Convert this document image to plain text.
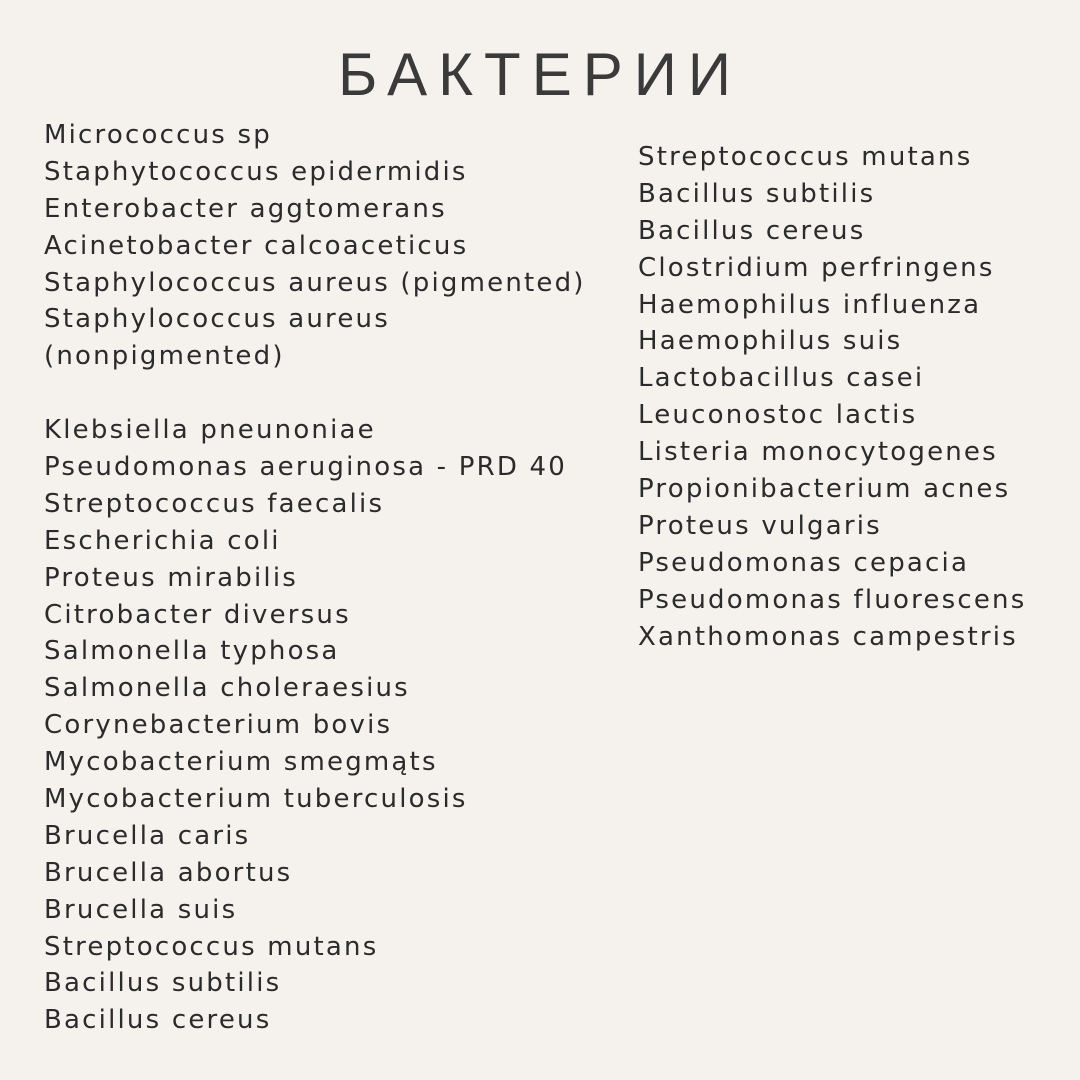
БАКТЕРИИ
Micrococcus sp
Staphytococcus epidermidis
Enterobacter aggtomerans
Acinetobacter calcoaceticus
Staphylococcus aureus (pigmented)
Staphylococcus aureus
(nonpigmented)
Klebsiella pneunoniae
Pseudomonas aeruginosa - PRD 40
Streptococcus faecalis
Escherichia coli
Proteus mirabilis
Citrobacter diversus
Salmonella typhosa
Salmonella choleraesius
Corynebacterium bovis
Mycobacterium smegmąts
Mycobacterium tuberculosis
Brucella caris
Brucella abortus
Brucella suis
Streptococcus mutans
Bacillus subtilis
Bacillus cereus
Streptococcus mutans
Bacillus subtilis
Bacillus cereus
Clostridium perfringens
Haemophilus influenza
Haemophilus suis
Lactobacillus casei
Leuconostoc lactis
Listeria monocytogenes
Propionibacterium acnes
Proteus vulgaris
Pseudomonas cepacia
Pseudomonas fluorescens
Xanthomonas campestris
